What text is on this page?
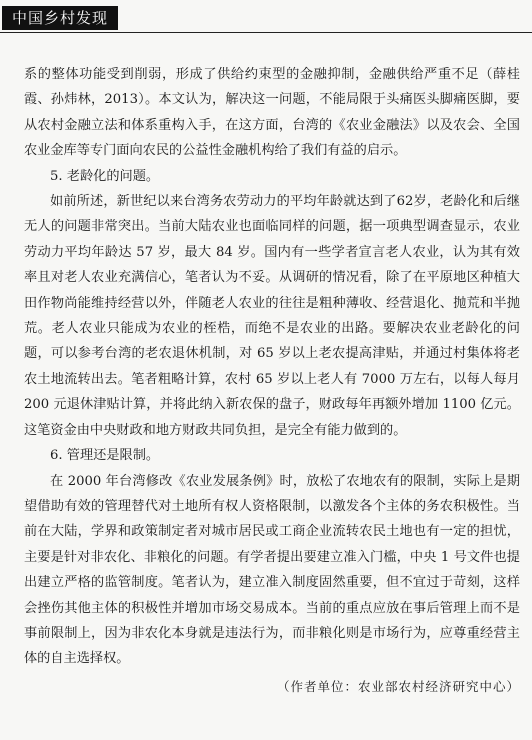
中国乡村发现

系的整体功能受到削弱，形成了供给约束型的金融抑制，金融供给严重不足（薛桂霞、孙炜林，2013）。本文认为，解决这一问题，不能局限于头痛医头脚痛医脚，要从农村金融立法和体系重构入手，在这方面，台湾的《农业金融法》以及农会、全国农业金库等专门面向农民的公益性金融机构给了我们有益的启示。

5. 老龄化的问题。

如前所述，新世纪以来台湾务农劳动力的平均年龄就达到了62岁，老龄化和后继无人的问题非常突出。当前大陆农业也面临同样的问题，据一项典型调查显示，农业劳动力平均年龄达 57 岁，最大 84 岁。国内有一些学者宣言老人农业，认为其有效率且对老人农业充满信心，笔者认为不妥。从调研的情况看，除了在平原地区种植大田作物尚能维持经营以外，伴随老人农业的往往是粗种薄收、经营退化、抛荒和半抛荒。老人农业只能成为农业的桎梏，而绝不是农业的出路。要解决农业老龄化的问题，可以参考台湾的老农退休机制，对 65 岁以上老农提高津贴，并通过村集体将老农土地流转出去。笔者粗略计算，农村 65 岁以上老人有 7000 万左右，以每人每月 200 元退休津贴计算，并将此纳入新农保的盘子，财政每年再额外增加 1100 亿元。这笔资金由中央财政和地方财政共同负担，是完全有能力做到的。

6. 管理还是限制。

在 2000 年台湾修改《农业发展条例》时，放松了农地农有的限制，实际上是期望借助有效的管理替代对土地所有权人资格限制，以激发各个主体的务农积极性。当前在大陆，学界和政策制定者对城市居民或工商企业流转农民土地也有一定的担忧，主要是针对非农化、非粮化的问题。有学者提出要建立准入门槛，中央 1 号文件也提出建立严格的监管制度。笔者认为，建立准入制度固然重要，但不宜过于苛刻，这样会挫伤其他主体的积极性并增加市场交易成本。当前的重点应放在事后管理上而不是事前限制上，因为非农化本身就是违法行为，而非粮化则是市场行为，应尊重经营主体的自主选择权。

（作者单位：农业部农村经济研究中心）
